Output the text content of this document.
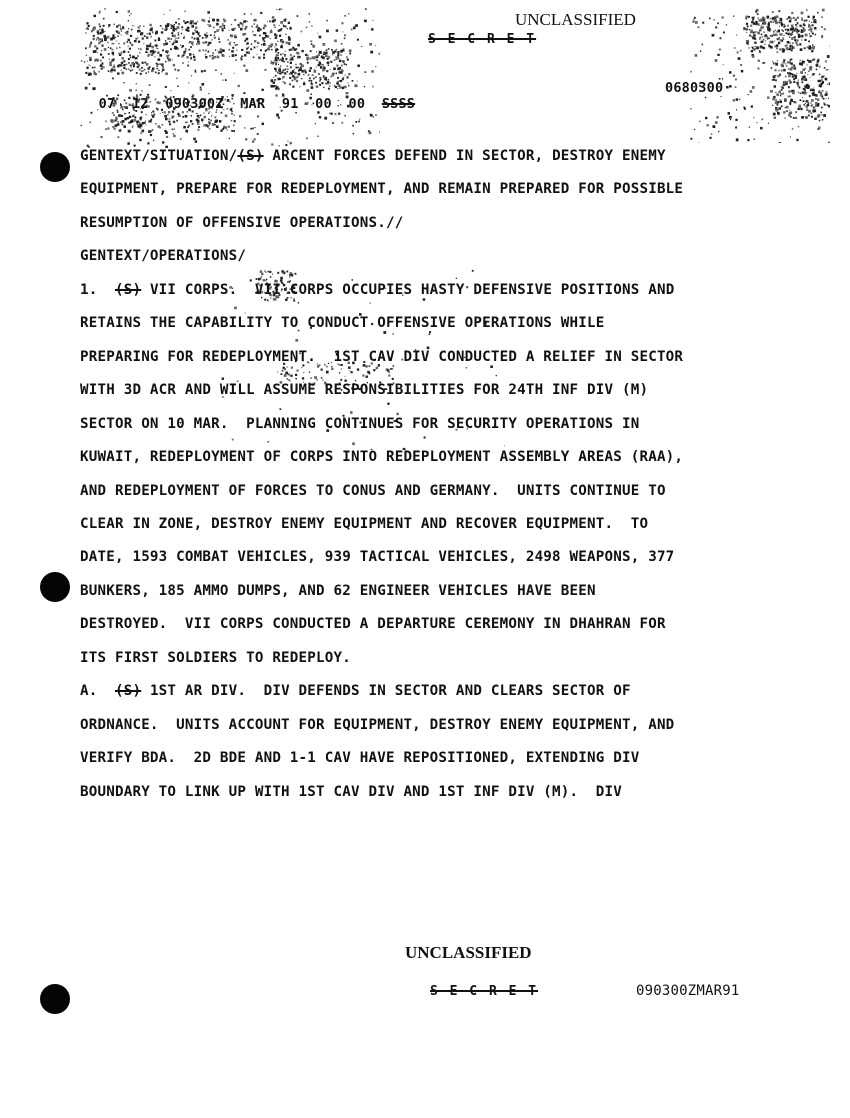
UNCLASSIFIED
S E C R E T

07  12  090300Z  MAR  91  00  00  SSSS

0680300
GENTEXT/SITUATION/(S) ARCENT FORCES DEFEND IN SECTOR, DESTROY ENEMY
EQUIPMENT, PREPARE FOR REDEPLOYMENT, AND REMAIN PREPARED FOR POSSIBLE
RESUMPTION OF OFFENSIVE OPERATIONS.//
GENTEXT/OPERATIONS/
1.  (S) VII CORPS.  VII CORPS OCCUPIES HASTY DEFENSIVE POSITIONS AND
RETAINS THE CAPABILITY TO CONDUCT OFFENSIVE OPERATIONS WHILE
PREPARING FOR REDEPLOYMENT.  1ST CAV DIV CONDUCTED A RELIEF IN SECTOR
WITH 3D ACR AND WILL ASSUME RESPONSIBILITIES FOR 24TH INF DIV (M)
SECTOR ON 10 MAR.  PLANNING CONTINUES FOR SECURITY OPERATIONS IN
KUWAIT, REDEPLOYMENT OF CORPS INTO REDEPLOYMENT ASSEMBLY AREAS (RAA),
AND REDEPLOYMENT OF FORCES TO CONUS AND GERMANY.  UNITS CONTINUE TO
CLEAR IN ZONE, DESTROY ENEMY EQUIPMENT AND RECOVER EQUIPMENT.  TO
DATE, 1593 COMBAT VEHICLES, 939 TACTICAL VEHICLES, 2498 WEAPONS, 377
BUNKERS, 185 AMMO DUMPS, AND 62 ENGINEER VEHICLES HAVE BEEN
DESTROYED.  VII CORPS CONDUCTED A DEPARTURE CEREMONY IN DHAHRAN FOR
ITS FIRST SOLDIERS TO REDEPLOY.
A.  (S) 1ST AR DIV.  DIV DEFENDS IN SECTOR AND CLEARS SECTOR OF
ORDNANCE.  UNITS ACCOUNT FOR EQUIPMENT, DESTROY ENEMY EQUIPMENT, AND
VERIFY BDA.  2D BDE AND 1-1 CAV HAVE REPOSITIONED, EXTENDING DIV
BOUNDARY TO LINK UP WITH 1ST CAV DIV AND 1ST INF DIV (M).  DIV
UNCLASSIFIED
S E C R E T	090300ZMAR91
